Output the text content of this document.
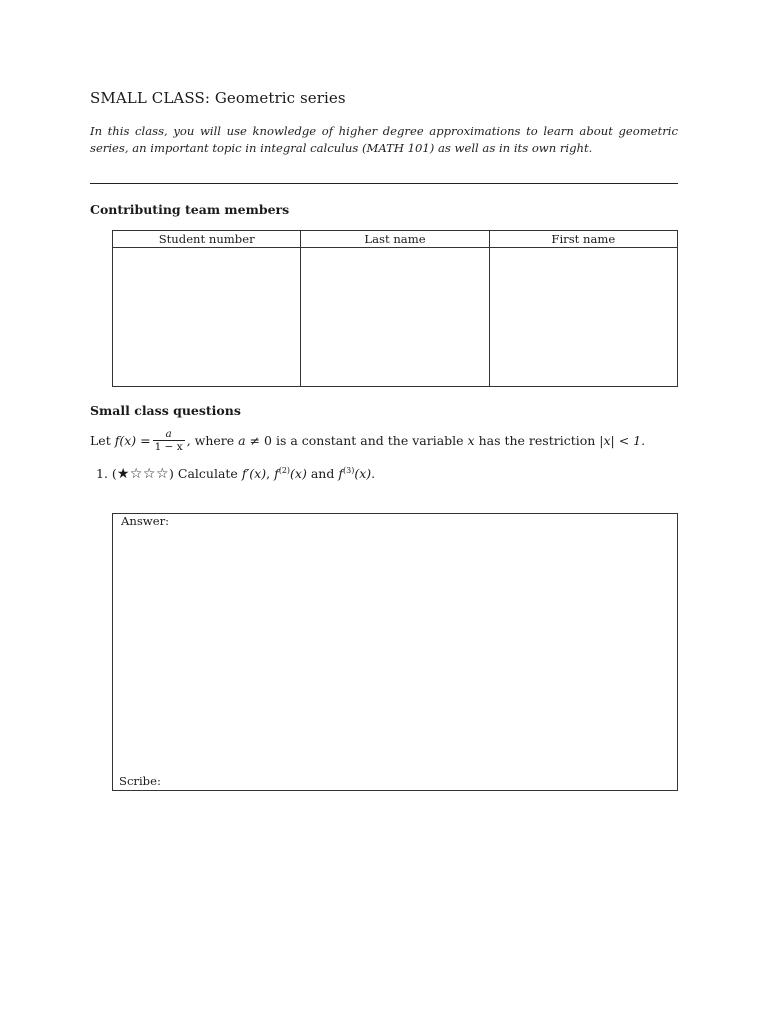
SMALL CLASS: Geometric series
In this class, you will use knowledge of higher degree approximations to learn about geometric series, an important topic in integral calculus (MATH 101) as well as in its own right.
Contributing team members
Student number	Last name	First name

Small class questions
Let $f(x) = \frac{a}{1 - x}$ , where a ≠ 0 is a constant and the variable x has the restriction |x| < 1.
1. (★☆☆☆) Calculate f′(x), $f^{(2)}(x)$ and $f^{(3)}(x)$.
Answer:
Scribe:
